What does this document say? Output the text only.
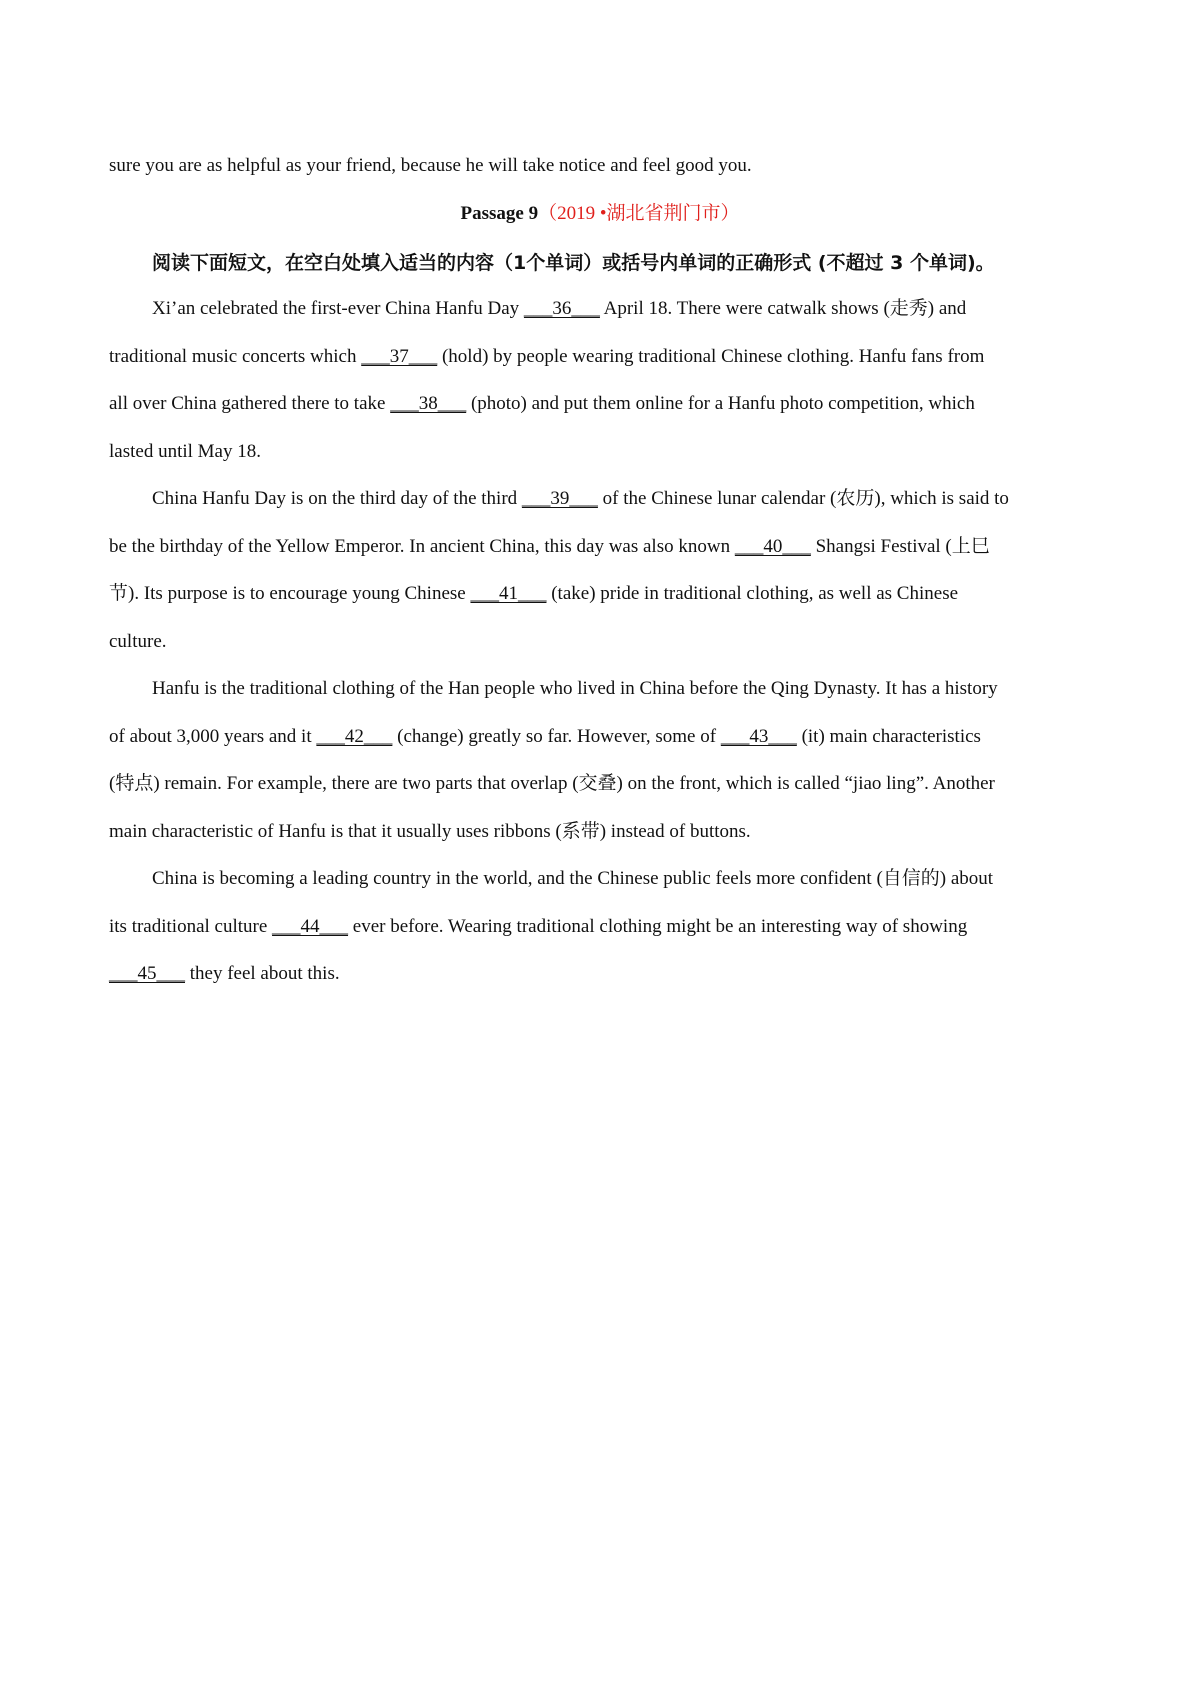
sure you are as helpful as your friend, because he will take notice and feel good you.
Passage 9（2019 •湖北省荆门市）
阅读下面短文，在空白处填入适当的内容（1个单词）或括号内单词的正确形式 (不超过 3 个单词)。
Xi’an celebrated the first-ever China Hanfu Day ___36___ April 18. There were catwalk shows (走秀) and
traditional music concerts which ___37___ (hold) by people wearing traditional Chinese clothing. Hanfu fans from
all over China gathered there to take ___38___ (photo) and put them online for a Hanfu photo competition, which
lasted until May 18.
China Hanfu Day is on the third day of the third ___39___ of the Chinese lunar calendar (农历), which is said to
be the birthday of the Yellow Emperor. In ancient China, this day was also known ___40___ Shangsi Festival (上巳
节). Its purpose is to encourage young Chinese ___41___ (take) pride in traditional clothing, as well as Chinese
culture.
Hanfu is the traditional clothing of the Han people who lived in China before the Qing Dynasty. It has a history
of about 3,000 years and it ___42___ (change) greatly so far. However, some of ___43___ (it) main characteristics
(特点) remain. For example, there are two parts that overlap (交叠) on the front, which is called “jiao ling”. Another
main characteristic of Hanfu is that it usually uses ribbons (系带) instead of buttons.
China is becoming a leading country in the world, and the Chinese public feels more confident (自信的) about
its traditional culture ___44___ ever before. Wearing traditional clothing might be an interesting way of showing
___45___ they feel about this.
